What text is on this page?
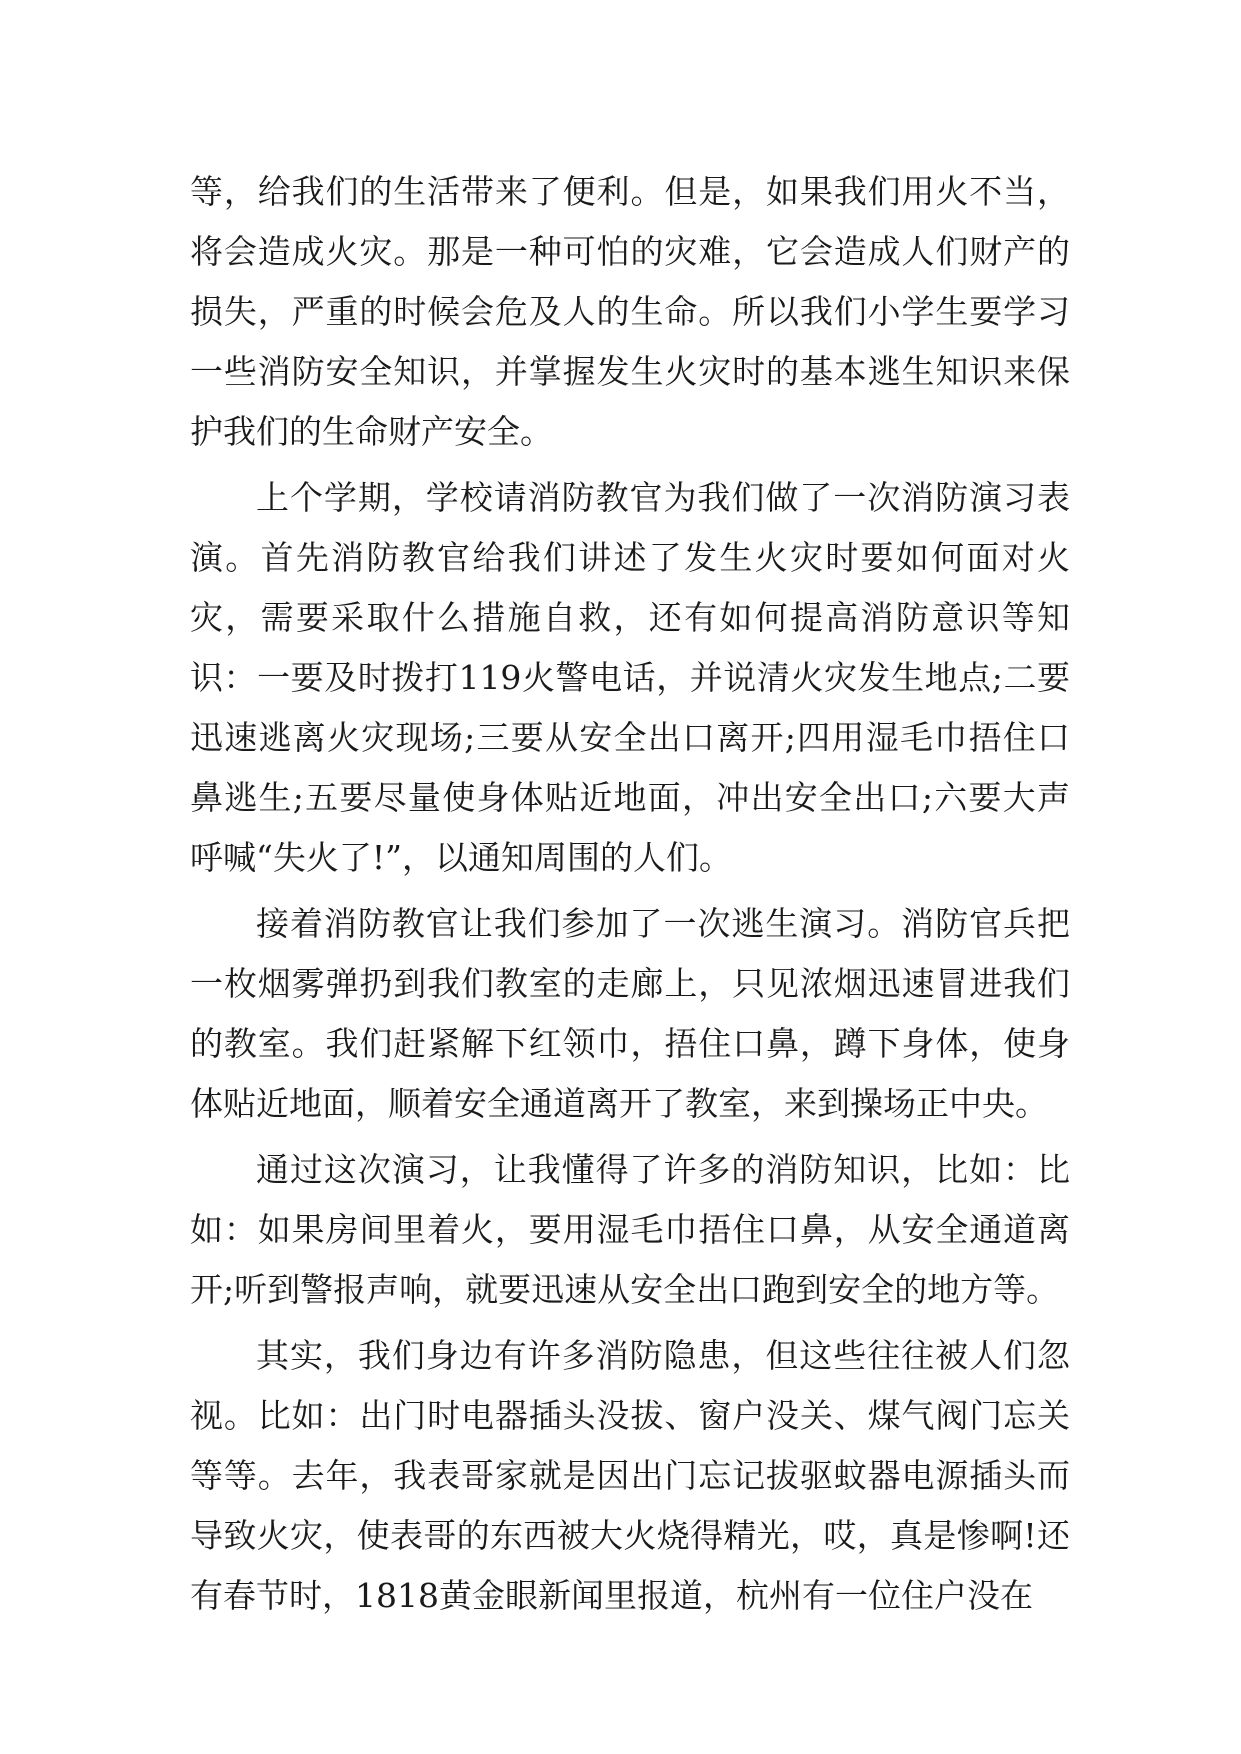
等，给我们的生活带来了便利。但是，如果我们用火不当，将会造成火灾。那是一种可怕的灾难，它会造成人们财产的损失，严重的时候会危及人的生命。所以我们小学生要学习一些消防安全知识，并掌握发生火灾时的基本逃生知识来保护我们的生命财产安全。

上个学期，学校请消防教官为我们做了一次消防演习表演。首先消防教官给我们讲述了发生火灾时要如何面对火灾，需要采取什么措施自救，还有如何提高消防意识等知识：一要及时拨打119火警电话，并说清火灾发生地点;二要迅速逃离火灾现场;三要从安全出口离开;四用湿毛巾捂住口鼻逃生;五要尽量使身体贴近地面，冲出安全出口;六要大声呼喊“失火了!”，以通知周围的人们。

接着消防教官让我们参加了一次逃生演习。消防官兵把一枚烟雾弹扔到我们教室的走廊上，只见浓烟迅速冒进我们的教室。我们赶紧解下红领巾，捂住口鼻，蹲下身体，使身体贴近地面，顺着安全通道离开了教室，来到操场正中央。

通过这次演习，让我懂得了许多的消防知识，比如：比如：如果房间里着火，要用湿毛巾捂住口鼻，从安全通道离开;听到警报声响，就要迅速从安全出口跑到安全的地方等。

其实，我们身边有许多消防隐患，但这些往往被人们忽视。比如：出门时电器插头没拔、窗户没关、煤气阀门忘关等等。去年，我表哥家就是因出门忘记拔驱蚊器电源插头而导致火灾，使表哥的东西被大火烧得精光，哎，真是惨啊!还有春节时，1818黄金眼新闻里报道，杭州有一位住户没在
